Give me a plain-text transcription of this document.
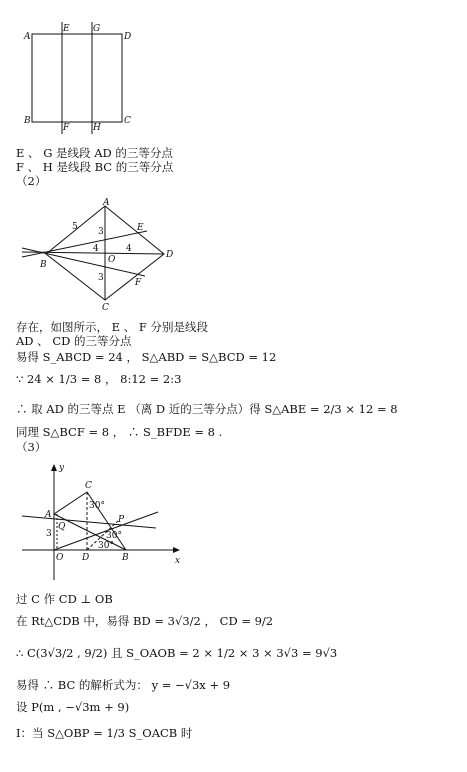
A
E	G
D
B
F	H
C
E 、 G 是线段 AD 的三等分点
F 、 H 是线段 BC 的三等分点
（2）
A
B
C
D
E
F
O
5 3
4	4
3
存在，如图所示， E 、 F 分别是线段
AD 、 CD 的三等分点
易得 S_ABCD = 24 ， S△ABD = S△BCD = 12
∵ 24 × 1/3 = 8 ， 8:12 = 2:3
∴ 取 AD 的三等点 E （离 D 近的三等分点）得 S△ABE = 2/3 × 12 = 8
同理 S△BCF = 8 ， ∴ S_BFDE = 8 .
（3）
y
x
C
A
Q
P
O D	B
30°
30°
30°
3
过 C 作 CD ⊥ OB
在 Rt△CDB 中，易得 BD = 3√3/2 ， CD = 9/2
∴ C(3√3/2 , 9/2) 且 S_OAOB = 2 × 1/2 × 3 × 3√3 = 9√3
易得 ∴ BC 的解析式为： y = −√3x + 9
设 P(m , −√3m + 9)
Ⅰ：当 S△OBP = 1/3 S_OACB 时
